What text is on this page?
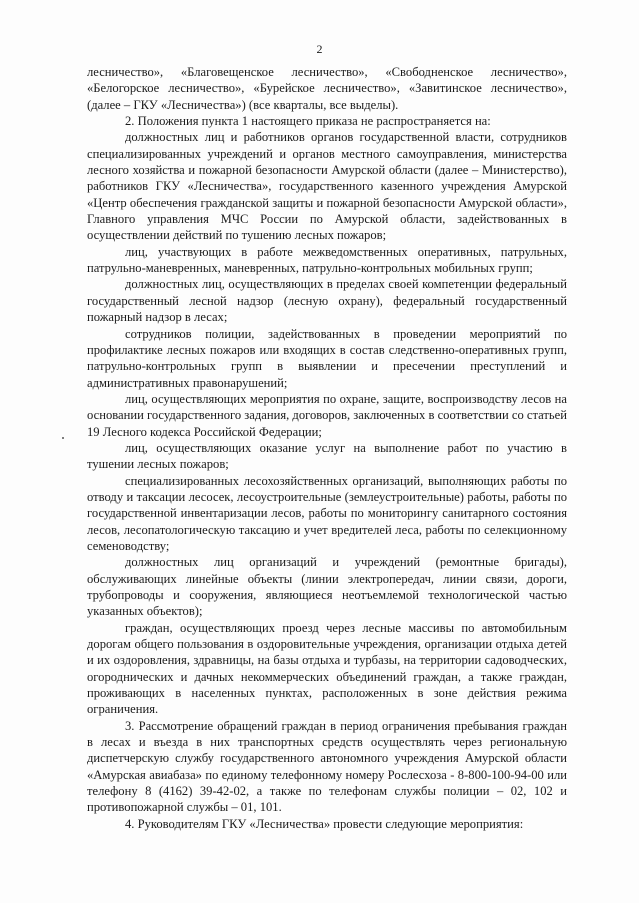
2

лесничество», «Благовещенское лесничество», «Свободненское лесничество», «Белогорское лесничество», «Бурейское лесничество», «Завитинское лесничество», (далее – ГКУ «Лесничества») (все кварталы, все выделы).

2. Положения пункта 1 настоящего приказа не распространяется на:

должностных лиц и работников органов государственной власти, сотрудников специализированных учреждений и органов местного самоуправления, министерства лесного хозяйства и пожарной безопасности Амурской области (далее – Министерство), работников ГКУ «Лесничества», государственного казенного учреждения Амурской «Центр обеспечения гражданской защиты и пожарной безопасности Амурской области», Главного управления МЧС России по Амурской области, задействованных в осуществлении действий по тушению лесных пожаров;

лиц, участвующих в работе межведомственных оперативных, патрульных, патрульно-маневренных, маневренных, патрульно-контрольных мобильных групп;

должностных лиц, осуществляющих в пределах своей компетенции федеральный государственный лесной надзор (лесную охрану), федеральный государственный пожарный надзор в лесах;

сотрудников полиции, задействованных в проведении мероприятий по профилактике лесных пожаров или входящих в состав следственно-оперативных групп, патрульно-контрольных групп в выявлении и пресечении преступлений и административных правонарушений;

лиц, осуществляющих мероприятия по охране, защите, воспроизводству лесов на основании государственного задания, договоров, заключенных в соответствии со статьей 19 Лесного кодекса Российской Федерации;

лиц, осуществляющих оказание услуг на выполнение работ по участию в тушении лесных пожаров;

специализированных лесохозяйственных организаций, выполняющих работы по отводу и таксации лесосек, лесоустроительные (землеустроительные) работы, работы по государственной инвентаризации лесов, работы по мониторингу санитарного состояния лесов, лесопатологическую таксацию и учет вредителей леса, работы по селекционному семеноводству;

должностных лиц организаций и учреждений (ремонтные бригады), обслуживающих линейные объекты (линии электропередач, линии связи, дороги, трубопроводы и сооружения, являющиеся неотъемлемой технологической частью указанных объектов);

граждан, осуществляющих проезд через лесные массивы по автомобильным дорогам общего пользования в оздоровительные учреждения, организации отдыха детей и их оздоровления, здравницы, на базы отдыха и турбазы, на территории садоводческих, огороднических и дачных некоммерческих объединений граждан, а также граждан, проживающих в населенных пунктах, расположенных в зоне действия режима ограничения.

3. Рассмотрение обращений граждан в период ограничения пребывания граждан в лесах и въезда в них транспортных средств осуществлять через региональную диспетчерскую службу государственного автономного учреждения Амурской области «Амурская авиабаза» по единому телефонному номеру Рослесхоза - 8-800-100-94-00 или телефону 8 (4162) 39-42-02, а также по телефонам службы полиции – 02, 102 и противопожарной службы – 01, 101.

4. Руководителям ГКУ «Лесничества» провести следующие мероприятия:
